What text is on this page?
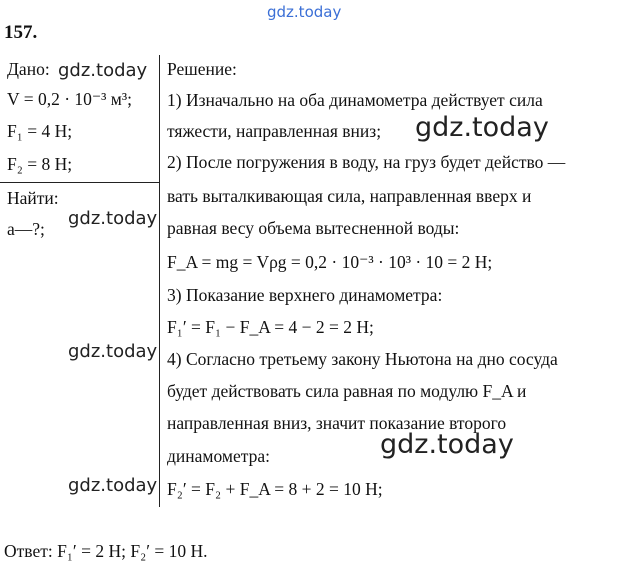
gdz.today
157.
Дано:
V = 0,2 · 10⁻³ м³;
F₁ = 4 Н;
F₂ = 8 Н;
Найти:
a—?;
Решение:
1) Изначально на оба динамометра действует сила
тяжести, направленная вниз;
2) После погружения в воду, на груз будет действо —
вать выталкивающая сила, направленная вверх и
равная весу объема вытесненной воды:
F_A = mg = Vρg = 0,2 · 10⁻³ · 10³ · 10 = 2 Н;
3) Показание верхнего динамометра:
F₁′ = F₁ − F_A = 4 − 2 = 2 Н;
4) Согласно третьему закону Ньютона на дно сосуда
будет действовать сила равная по модулю F_A и
направленная вниз, значит показание второго
динамометра:
F₂′ = F₂ + F_A = 8 + 2 = 10 Н;
Ответ: F₁′ = 2 Н; F₂′ = 10 Н.
gdz.today
gdz.today
gdz.today
gdz.today
gdz.today
gdz.today
